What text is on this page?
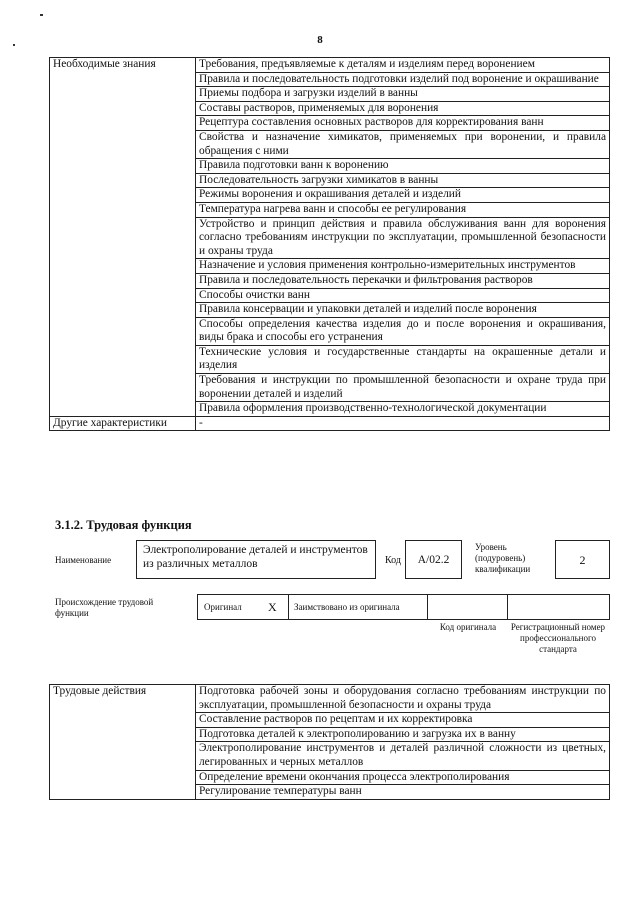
8
Необходимые знания	Требования, предъявляемые к деталям и изделиям перед воронением
	Правила и последовательность подготовки изделий под воронение и окрашивание
	Приемы подбора и загрузки изделий в ванны
	Составы растворов, применяемых для воронения
	Рецептура составления основных растворов для корректирования ванн
	Свойства и назначение химикатов, применяемых при воронении, и правила обращения с ними
	Правила подготовки ванн к воронению
	Последовательность загрузки химикатов в ванны
	Режимы воронения и окрашивания деталей и изделий
	Температура нагрева ванн и способы ее регулирования
	Устройство и принцип действия и правила обслуживания ванн для воронения согласно требованиям инструкции по эксплуатации, промышленной безопасности и охраны труда
	Назначение и условия применения контрольно-измерительных инструментов
	Правила и последовательность перекачки и фильтрования растворов
	Способы очистки ванн
	Правила консервации и упаковки деталей и изделий после воронения
	Способы определения качества изделия до и после воронения и окрашивания, виды брака и способы его устранения
	Технические условия и государственные стандарты на окрашенные детали и изделия
	Требования и инструкции по промышленной безопасности и охране труда при воронении деталей и изделий
	Правила оформления производственно-технологической документации
Другие характеристики	-
3.1.2. Трудовая функция
Наименование
Электрополирование деталей и инструментов из различных металлов	Код	А/02.2
Уровень (подуровень) квалификации
2
Происхождение трудовой функции
Оригинал X Заимствовано из оригинала
Код оригинала	Регистрационный номер профессионального стандарта
Трудовые действия	Подготовка рабочей зоны и оборудования согласно требованиям инструкции по эксплуатации, промышленной безопасности и охраны труда
Составление растворов по рецептам и их корректировка
Подготовка деталей к электрополированию и загрузка их в ванну
Электрополирование инструментов и деталей различной сложности из цветных, легированных и черных металлов
Определение времени окончания процесса электрополирования
Регулирование температуры ванн
